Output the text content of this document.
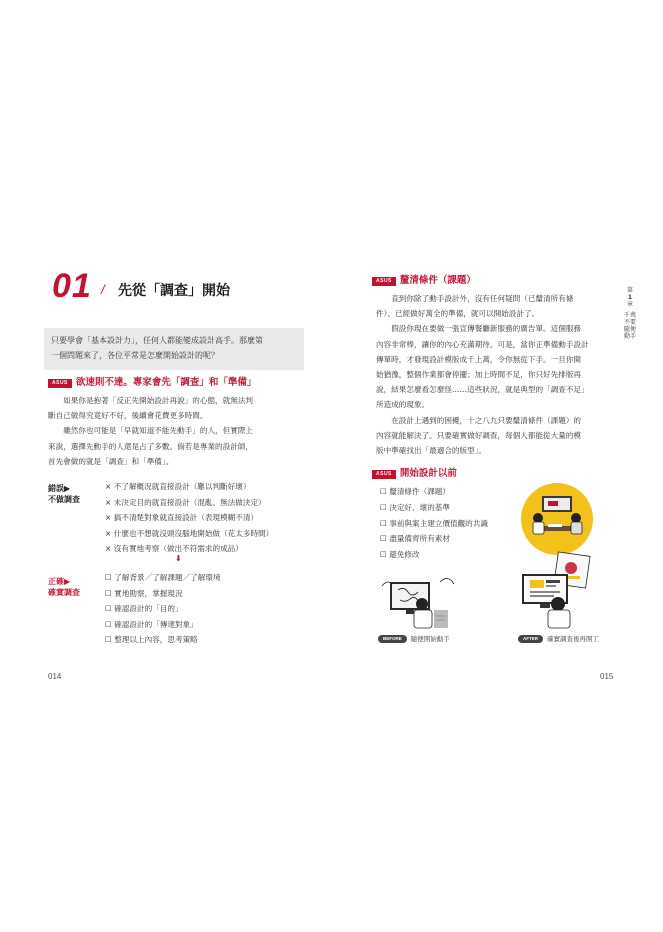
01 / 先從「調查」開始
只要學會「基本設計力」，任何人都能變成設計高手。那麼第
一個問題來了，各位平常是怎麼開始設計的呢？
ASUS 欲速則不達。專家會先「調查」和「準備」

如果你是抱著「反正先開始設計再說」的心態，就無法判
斷自己做得究竟好不好，後續會花費更多時間。

雖然你也可能是「早就知道不能先動手」的人，但實際上
來說，選擇先動手的人還是占了多數。倘若是專業的設計師，
首先會做的就是「調查」和「準備」。

錯誤▶
不做調查
× 不了解概況就直接設計（難以判斷好壞）
× 未決定目的就直接設計（混亂、無法做決定）
× 搞不清楚對象就直接設計（表現模糊不清）
× 什麼也不想就沒頭沒腦地開始做（花太多時間）
× 沒有實地考察（做出不符需求的成品）
⬇
正確▶
確實調查
☐ 了解背景／了解課題／了解環境
☐ 實地勘察，掌握現況
☐ 確認設計的「目的」
☐ 確認設計的「傳達對象」
☐ 整理以上內容，思考策略
014
第
1
章
千萬
不要
隨便
動手
ASUS 釐清條件（課題）

直到你除了動手設計外，沒有任何疑問（已釐清所有條
件）、已經做好萬全的準備，就可以開始設計了。

假設你現在要做一張宣傳餐廳新服務的廣告單。這個服務
內容非常棒，讓你的內心充滿期待。可是，當你正準備動手設計
傳單時，才發現設計模版成千上萬，令你無從下手。一旦你開
始猶豫，整個作業都會停擺；加上時間不足，你只好先排版再
說，結果怎麼看怎麼怪……這些狀況，就是典型的「調查不足」
所造成的現象。

在設計上遇到的困擾，十之八九只要釐清條件（課題）的
內容就能解決了。只要確實做好調查，每個人都能從大量的模
版中準確找出「最適合的版型」。

ASUS 開始設計以前
☐ 釐清條件（課題）
☐ 決定好、壞的基準
☐ 事前與案主建立價值觀的共識
☐ 盡量備齊所有素材
☐ 避免修改
BEFORE 隨便開始動手	AFTER 確實調查後再開工
015
